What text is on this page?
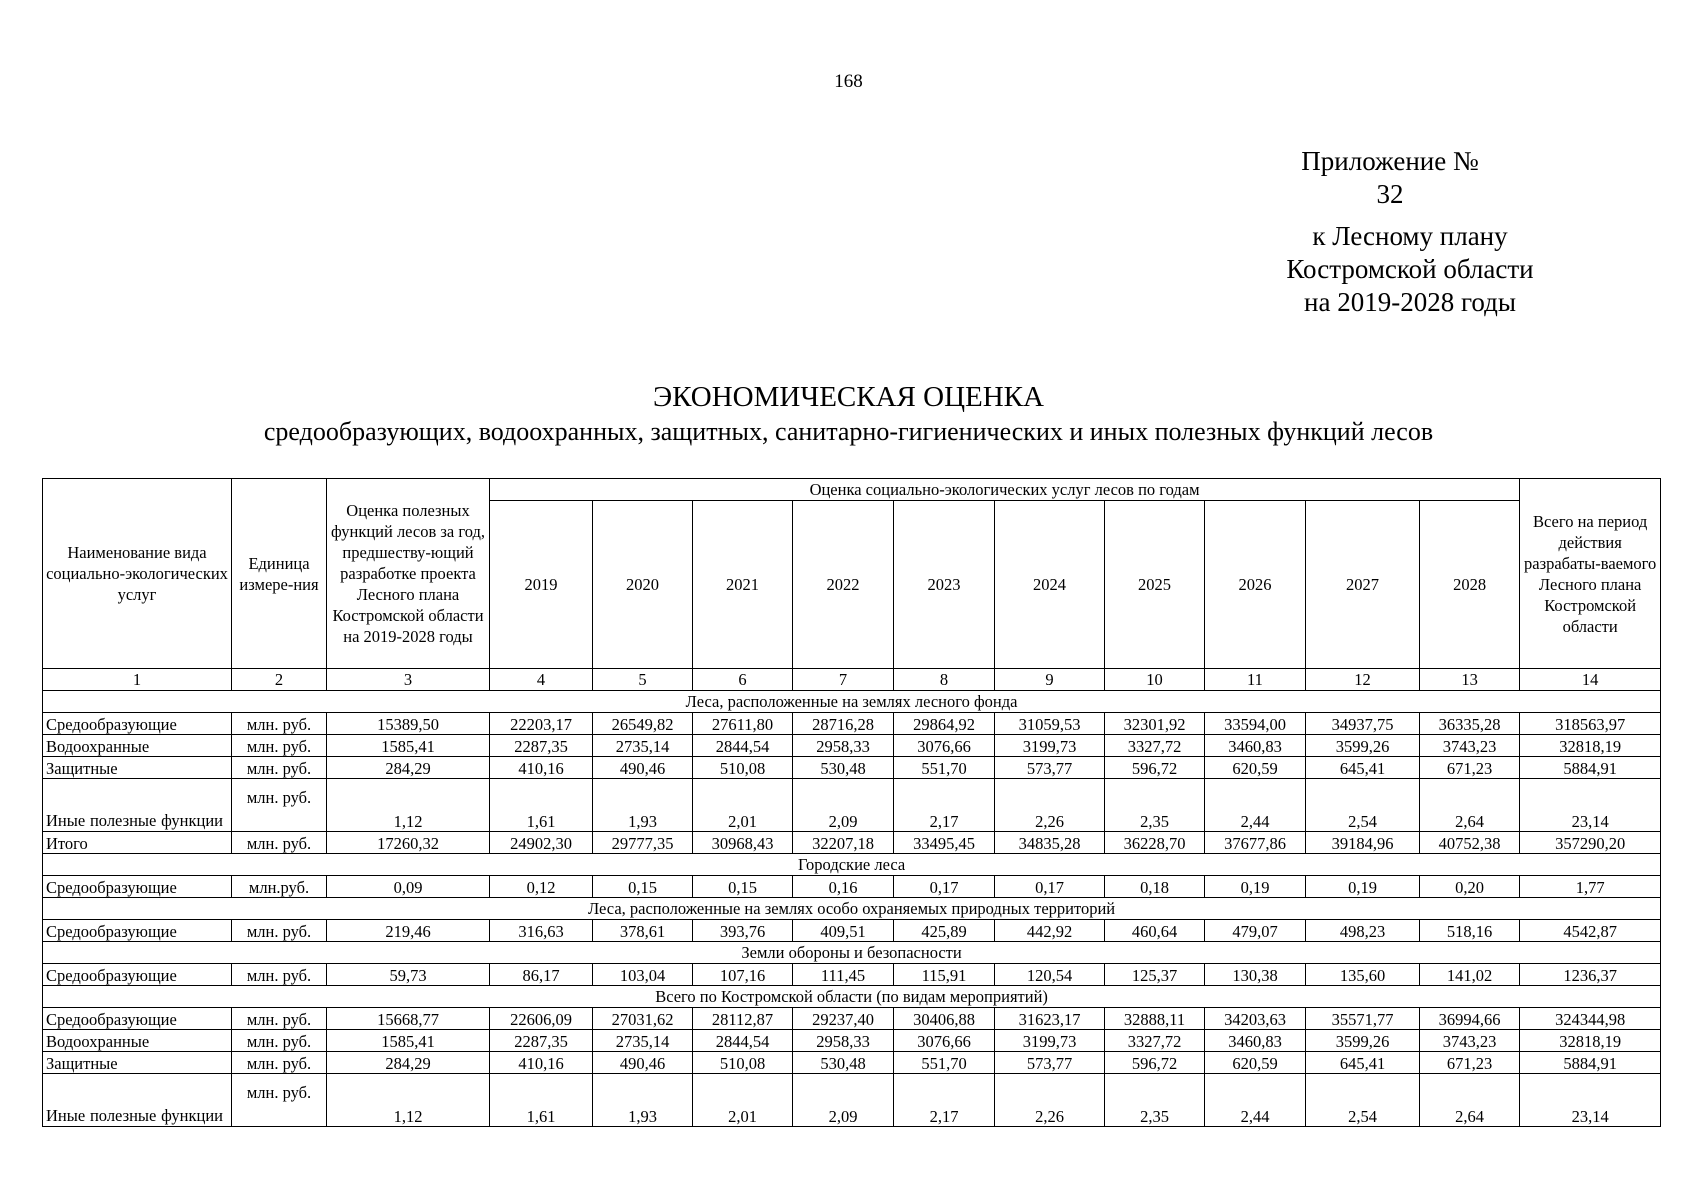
168
Приложение № 32
к Лесному плану
Костромской области
на 2019-2028 годы
ЭКОНОМИЧЕСКАЯ ОЦЕНКА
средообразующих, водоохранных, защитных, санитарно-гигиенических и иных полезных функций лесов
Наименование вида социально-экологических услуг	Единица измере-ния	Оценка полезных функций лесов за год, предшеству-ющий разработке проекта Лесного плана Костромской области на 2019-2028 годы	Оценка социально-экологических услуг лесов по годам										Всего на период действия разрабаты-ваемого Лесного плана Костромской области
			2019	2020	2021	2022	2023	2024	2025	2026	2027	2028	
1	2	3	4	5	6	7	8	9	10	11	12	13	14
Леса, расположенные на землях лесного фонда													
Средообразующие	млн. руб.	15389,50	22203,17	26549,82	27611,80	28716,28	29864,92	31059,53	32301,92	33594,00	34937,75	36335,28	318563,97
Водоохранные	млн. руб.	1585,41	2287,35	2735,14	2844,54	2958,33	3076,66	3199,73	3327,72	3460,83	3599,26	3743,23	32818,19
Защитные	млн. руб.	284,29	410,16	490,46	510,08	530,48	551,70	573,77	596,72	620,59	645,41	671,23	5884,91
Иные полезные функции	млн. руб.	1,12	1,61	1,93	2,01	2,09	2,17	2,26	2,35	2,44	2,54	2,64	23,14
Итого	млн. руб.	17260,32	24902,30	29777,35	30968,43	32207,18	33495,45	34835,28	36228,70	37677,86	39184,96	40752,38	357290,20
Городские леса													
Средообразующие	млн.руб.	0,09	0,12	0,15	0,15	0,16	0,17	0,17	0,18	0,19	0,19	0,20	1,77
Леса, расположенные на землях особо охраняемых природных территорий													
Средообразующие	млн. руб.	219,46	316,63	378,61	393,76	409,51	425,89	442,92	460,64	479,07	498,23	518,16	4542,87
Земли обороны и безопасности													
Средообразующие	млн. руб.	59,73	86,17	103,04	107,16	111,45	115,91	120,54	125,37	130,38	135,60	141,02	1236,37
Всего по Костромской области (по видам мероприятий)													
Средообразующие	млн. руб.	15668,77	22606,09	27031,62	28112,87	29237,40	30406,88	31623,17	32888,11	34203,63	35571,77	36994,66	324344,98
Водоохранные	млн. руб.	1585,41	2287,35	2735,14	2844,54	2958,33	3076,66	3199,73	3327,72	3460,83	3599,26	3743,23	32818,19
Защитные	млн. руб.	284,29	410,16	490,46	510,08	530,48	551,70	573,77	596,72	620,59	645,41	671,23	5884,91
Иные полезные функции	млн. руб.	1,12	1,61	1,93	2,01	2,09	2,17	2,26	2,35	2,44	2,54	2,64	23,14
